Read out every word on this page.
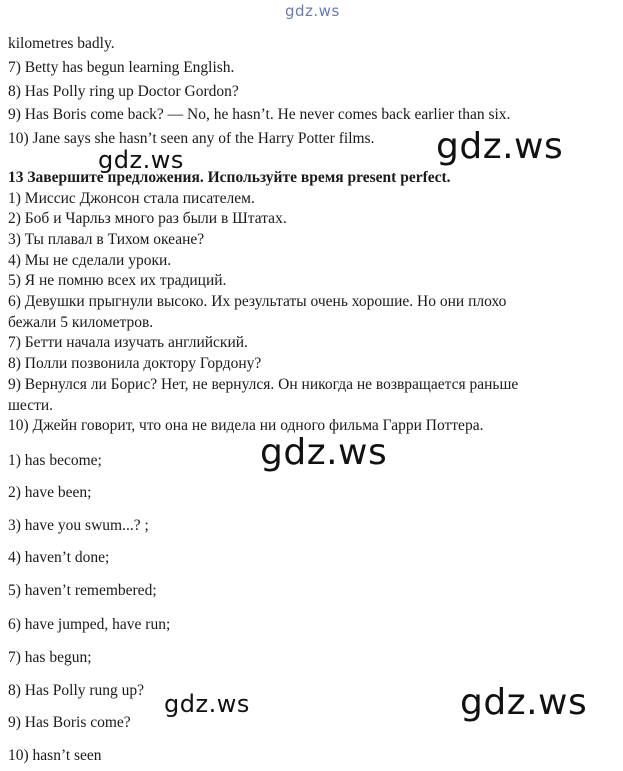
gdz.ws
kilometres badly.
7) Betty has begun learning English.
8) Has Polly ring up Doctor Gordon?
9) Has Boris come back? — No, he hasn’t. He never comes back earlier than six.
10) Jane says she hasn’t seen any of the Harry Potter films.
13 Завершите предложения. Используйте время present perfect.
1) Миссис Джонсон стала писателем.
2) Боб и Чарльз много раз были в Штатах.
3) Ты плавал в Тихом океане?
4) Мы не сделали уроки.
5) Я не помню всех их традиций.
6) Девушки прыгнули высоко. Их результаты очень хорошие. Но они плохо
бежали 5 километров.
7) Бетти начала изучать английский.
8) Полли позвонила доктору Гордону?
9) Вернулся ли Борис? Нет, не вернулся. Он никогда не возвращается раньше
шести.
10) Джейн говорит, что она не видела ни одного фильма Гарри Поттера.
1) has become;
2) have been;
3) have you swum...? ;
4) haven’t done;
5) haven’t remembered;
6) have jumped, have run;
7) has begun;
8) Has Polly rung up?
9) Has Boris come?
10) hasn’t seen
gdz.ws
gdz.ws
gdz.ws
gdz.ws	gdz.ws
